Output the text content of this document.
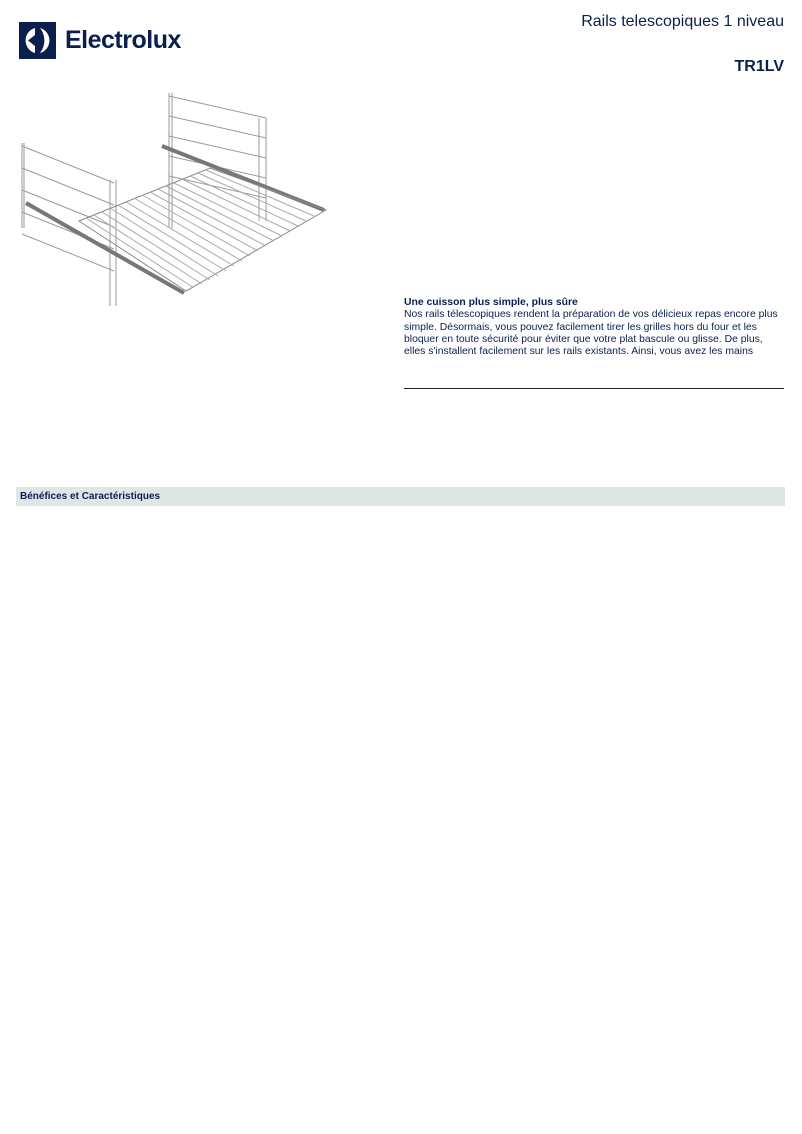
Electrolux
Rails telescopiques 1 niveau
TR1LV
Une cuisson plus simple, plus sûre

Nos rails télescopiques rendent la préparation de vos délicieux repas encore plus simple. Désormais, vous pouvez facilement tirer les grilles hors du four et les bloquer en toute sécurité pour éviter que votre plat bascule ou glisse. De plus, elles s'installent facilement sur les rails existants. Ainsi, vous avez les mains

Bénéfices et Caractéristiques
